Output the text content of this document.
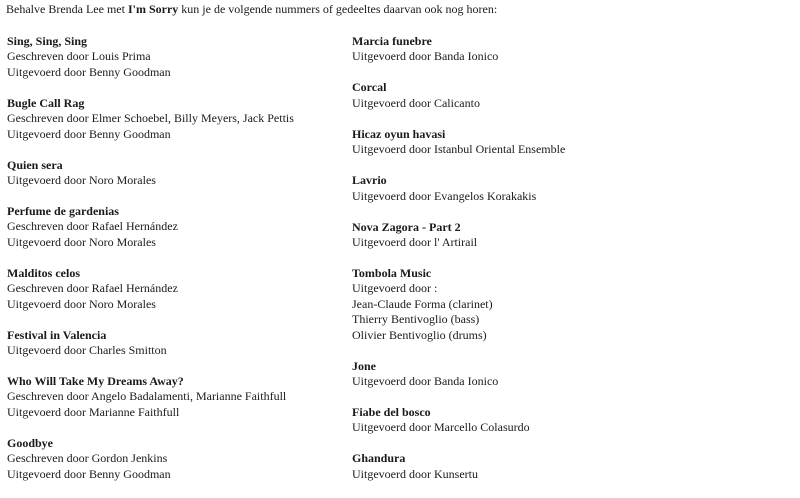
Behalve Brenda Lee met I'm Sorry kun je de volgende nummers of gedeeltes daarvan ook nog horen:
Sing, Sing, Sing
Geschreven door Louis Prima
Uitgevoerd door Benny Goodman
Bugle Call Rag
Geschreven door Elmer Schoebel, Billy Meyers, Jack Pettis
Uitgevoerd door Benny Goodman
Quien sera
Uitgevoerd door Noro Morales
Perfume de gardenias
Geschreven door Rafael Hernández
Uitgevoerd door Noro Morales
Malditos celos
Geschreven door Rafael Hernández
Uitgevoerd door Noro Morales
Festival in Valencia
Uitgevoerd door Charles Smitton
Who Will Take My Dreams Away?
Geschreven door Angelo Badalamenti, Marianne Faithfull
Uitgevoerd door Marianne Faithfull
Goodbye
Geschreven door Gordon Jenkins
Uitgevoerd door Benny Goodman
Marcia funebre
Uitgevoerd door Banda Ionico
Corcal
Uitgevoerd door Calicanto
Hicaz oyun havasi
Uitgevoerd door Istanbul Oriental Ensemble
Lavrio
Uitgevoerd door Evangelos Korakakis
Nova Zagora - Part 2
Uitgevoerd door l' Artirail
Tombola Music
Uitgevoerd door :
Jean-Claude Forma (clarinet)
Thierry Bentivoglio (bass)
Olivier Bentivoglio (drums)
Jone
Uitgevoerd door Banda Ionico
Fiabe del bosco
Uitgevoerd door Marcello Colasurdo
Ghandura
Uitgevoerd door Kunsertu
